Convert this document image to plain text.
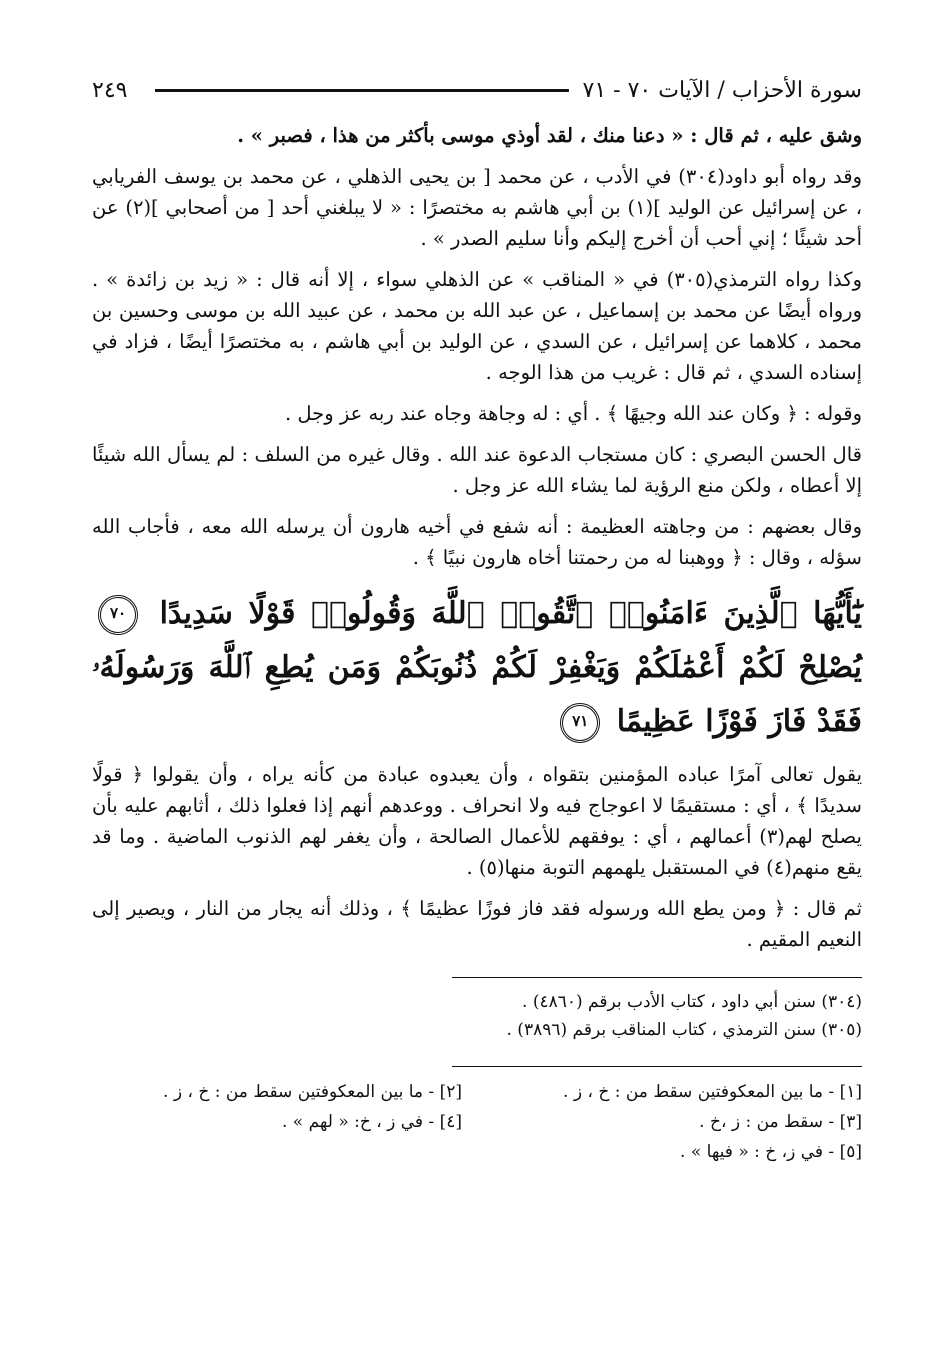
سورة الأحزاب / الآيات ٧٠ - ٧١
٢٤٩

وشق عليه ، ثم قال : « دعنا منك ، لقد أوذي موسى بأكثر من هذا ، فصبر » .

وقد رواه أبو داود(٣٠٤) في الأدب ، عن محمد [ بن يحيى الذهلي ، عن محمد بن يوسف الفريابي ، عن إسرائيل عن الوليد ](١) بن أبي هاشم به مختصرًا : « لا يبلغني أحد [ من أصحابي ](٢) عن أحد شيئًا ؛ إني أحب أن أخرج إليكم وأنا سليم الصدر » .

وكذا رواه الترمذي(٣٠٥) في « المناقب » عن الذهلي سواء ، إلا أنه قال : « زيد بن زائدة » . ورواه أيضًا عن محمد بن إسماعيل ، عن عبد الله بن محمد ، عن عبيد الله بن موسى وحسين بن محمد ، كلاهما عن إسرائيل ، عن السدي ، عن الوليد بن أبي هاشم ، به مختصرًا أيضًا ، فزاد في إسناده السدي ، ثم قال : غريب من هذا الوجه .

وقوله : ﴿ وكان عند الله وجيهًا ﴾ . أي : له وجاهة وجاه عند ربه عز وجل .

قال الحسن البصري : كان مستجاب الدعوة عند الله . وقال غيره من السلف : لم يسأل الله شيئًا إلا أعطاه ، ولكن منع الرؤية لما يشاء الله عز وجل .

وقال بعضهم : من وجاهته العظيمة : أنه شفع في أخيه هارون أن يرسله الله معه ، فأجاب الله سؤله ، وقال : ﴿ ووهبنا له من رحمتنا أخاه هارون نبيًا ﴾ .

يَٰٓأَيُّهَا ٱلَّذِينَ ءَامَنُوا۟ ٱتَّقُوا۟ ٱللَّهَ وَقُولُوا۟ قَوْلًا سَدِيدًا ٧٠ يُصْلِحْ لَكُمْ أَعْمَٰلَكُمْ وَيَغْفِرْ لَكُمْ ذُنُوبَكُمْ وَمَن يُطِعِ ٱللَّهَ وَرَسُولَهُۥ فَقَدْ فَازَ فَوْزًا عَظِيمًا ٧١

يقول تعالى آمرًا عباده المؤمنين بتقواه ، وأن يعبدوه عبادة من كأنه يراه ، وأن يقولوا ﴿ قولًا سديدًا ﴾ ، أي : مستقيمًا لا اعوجاج فيه ولا انحراف . ووعدهم أنهم إذا فعلوا ذلك ، أثابهم عليه بأن يصلح لهم(٣) أعمالهم ، أي : يوفقهم للأعمال الصالحة ، وأن يغفر لهم الذنوب الماضية . وما قد يقع منهم(٤) في المستقبل يلهمهم التوبة منها(٥) .

ثم قال : ﴿ ومن يطع الله ورسوله فقد فاز فوزًا عظيمًا ﴾ ، وذلك أنه يجار من النار ، ويصير إلى النعيم المقيم .

(٣٠٤) سنن أبي داود ، كتاب الأدب برقم (٤٨٦٠) .

(٣٠٥) سنن الترمذي ، كتاب المناقب برقم (٣٨٩٦) .

[١] - ما بين المعكوفتين سقط من : خ ، ز .
[٢] - ما بين المعكوفتين سقط من : خ ، ز .
[٣] - سقط من : ز ،خ .
[٤] - في ز ، خ: « لهم » .
[٥] - في ز، خ : « فيها » .
